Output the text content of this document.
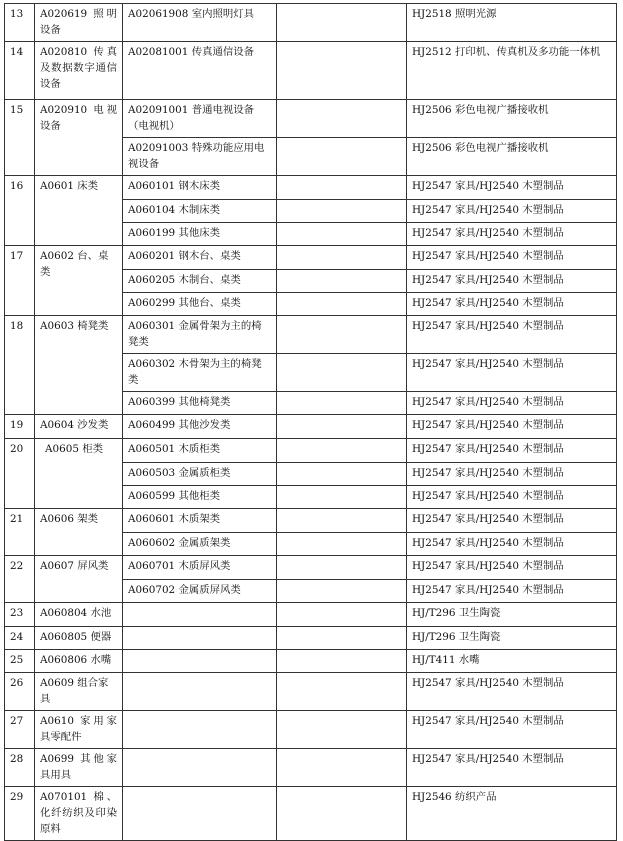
13	A020619 照明设备	A02061908 室内照明灯具		HJ2518 照明光源
14	A020810 传真及数据数字通信设备	A02081001 传真通信设备		HJ2512 打印机、传真机及多功能一体机
15	A020910 电视设备	A02091001 普通电视设备（电视机）		HJ2506 彩色电视广播接收机
		A02091003 特殊功能应用电视设备		HJ2506 彩色电视广播接收机
16	A0601 床类	A060101 钢木床类		HJ2547 家具/HJ2540 木塑制品
		A060104 木制床类		HJ2547 家具/HJ2540 木塑制品
		A060199 其他床类		HJ2547 家具/HJ2540 木塑制品
17	A0602 台、桌类	A060201 钢木台、桌类		HJ2547 家具/HJ2540 木塑制品
		A060205 木制台、桌类		HJ2547 家具/HJ2540 木塑制品
		A060299 其他台、桌类		HJ2547 家具/HJ2540 木塑制品
18	A0603 椅凳类	A060301 金属骨架为主的椅凳类		HJ2547 家具/HJ2540 木塑制品
		A060302 木骨架为主的椅凳类		HJ2547 家具/HJ2540 木塑制品
		A060399 其他椅凳类		HJ2547 家具/HJ2540 木塑制品
19	A0604 沙发类	A060499 其他沙发类		HJ2547 家具/HJ2540 木塑制品
20	A0605 柜类	A060501 木质柜类		HJ2547 家具/HJ2540 木塑制品
		A060503 金属质柜类		HJ2547 家具/HJ2540 木塑制品
		A060599 其他柜类		HJ2547 家具/HJ2540 木塑制品
21	A0606 架类	A060601 木质架类		HJ2547 家具/HJ2540 木塑制品
		A060602 金属质架类		HJ2547 家具/HJ2540 木塑制品
22	A0607 屏风类	A060701 木质屏风类		HJ2547 家具/HJ2540 木塑制品
		A060702 金属质屏风类		HJ2547 家具/HJ2540 木塑制品
23	A060804 水池			HJ/T296 卫生陶瓷
24	A060805 便器			HJ/T296 卫生陶瓷
25	A060806 水嘴			HJ/T411 水嘴
26	A0609 组合家具			HJ2547 家具/HJ2540 木塑制品
27	A0610 家用家具零配件			HJ2547 家具/HJ2540 木塑制品
28	A0699 其他家具用具			HJ2547 家具/HJ2540 木塑制品
29	A070101 棉、化纤纺织及印染原料			HJ2546 纺织产品
